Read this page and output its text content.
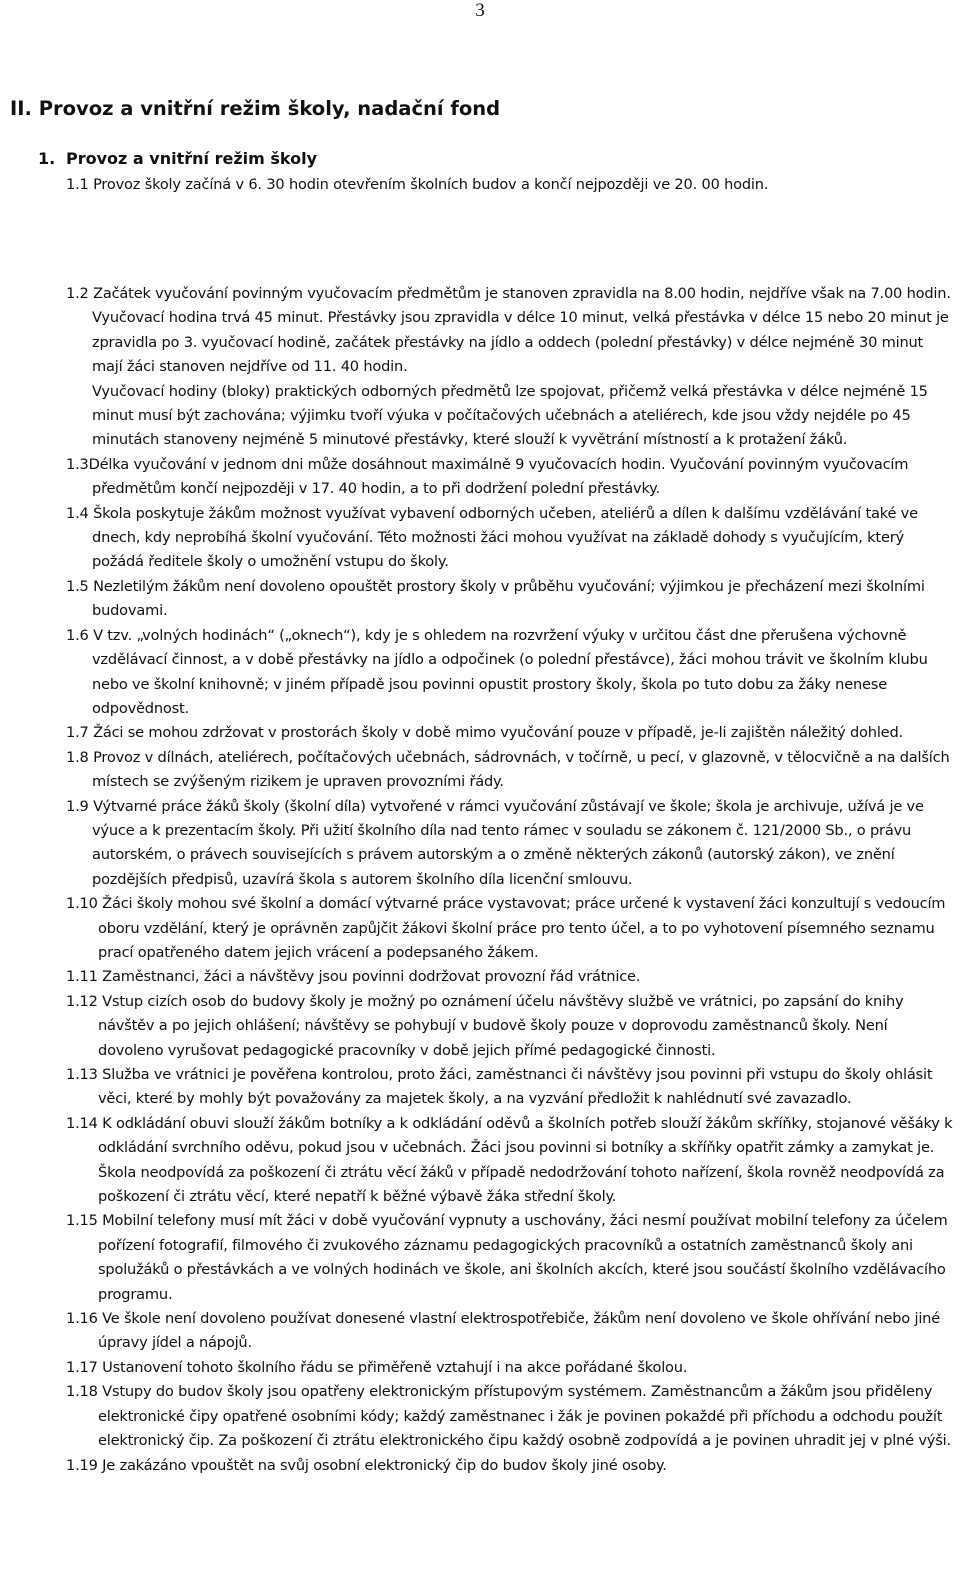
3
II. Provoz a vnitřní režim školy, nadační fond
1. Provoz a vnitřní režim školy
1.1 Provoz školy začíná v 6. 30 hodin otevřením školních budov a končí nejpozději ve 20. 00 hodin.

1.2 Začátek vyučování povinným vyučovacím předmětům je stanoven zpravidla na 8.00 hodin, nejdříve však na 7.00 hodin. Vyučovací hodina trvá 45 minut. Přestávky jsou zpravidla v délce 10 minut, velká přestávka v délce 15 nebo 20 minut je zpravidla po 3. vyučovací hodině, začátek přestávky na jídlo a oddech (polední přestávky) v délce nejméně 30 minut mají žáci stanoven nejdříve od 11. 40 hodin.

Vyučovací hodiny (bloky) praktických odborných předmětů lze spojovat, přičemž velká přestávka v délce nejméně 15 minut musí být zachována; výjimku tvoří výuka v počítačových učebnách a ateliérech, kde jsou vždy nejdéle po 45 minutách stanoveny nejméně 5 minutové přestávky, které slouží k vyvětrání místností a k protažení žáků.

1.3Délka vyučování v jednom dni může dosáhnout maximálně 9 vyučovacích hodin. Vyučování povinným vyučovacím předmětům končí nejpozději v 17. 40 hodin, a to při dodržení polední přestávky.

1.4 Škola poskytuje žákům možnost využívat vybavení odborných učeben, ateliérů a dílen k dalšímu vzdělávání také ve dnech, kdy neprobíhá školní vyučování. Této možnosti žáci mohou využívat na základě dohody s vyučujícím, který požádá ředitele školy o umožnění vstupu do školy.

1.5 Nezletilým žákům není dovoleno opouštět prostory školy v průběhu vyučování; výjimkou je přecházení mezi školními budovami.

1.6 V tzv. „volných hodinách“ („oknech“), kdy je s ohledem na rozvržení výuky v určitou část dne přerušena výchovně vzdělávací činnost, a v době přestávky na jídlo a odpočinek (o polední přestávce), žáci mohou trávit ve školním klubu nebo ve školní knihovně; v jiném případě jsou povinni opustit prostory školy, škola po tuto dobu za žáky nenese odpovědnost.

1.7 Žáci se mohou zdržovat v prostorách školy v době mimo vyučování pouze v případě, je-li zajištěn náležitý dohled.

1.8 Provoz v dílnách, ateliérech, počítačových učebnách, sádrovnách, v točírně, u pecí, v glazovně, v tělocvičně a na dalších místech se zvýšeným rizikem je upraven provozními řády.

1.9 Výtvarné práce žáků školy (školní díla) vytvořené v rámci vyučování zůstávají ve škole; škola je archivuje, užívá je ve výuce a k prezentacím školy. Při užití školního díla nad tento rámec v souladu se zákonem č. 121/2000 Sb., o právu autorském, o právech souvisejících s právem autorským a o změně některých zákonů (autorský zákon), ve znění pozdějších předpisů, uzavírá škola s autorem školního díla licenční smlouvu.

1.10 Žáci školy mohou své školní a domácí výtvarné práce vystavovat; práce určené k vystavení žáci konzultují s vedoucím oboru vzdělání, který je oprávněn zapůjčit žákovi školní práce pro tento účel, a to po vyhotovení písemného seznamu prací opatřeného datem jejich vrácení a podepsaného žákem.

1.11 Zaměstnanci, žáci a návštěvy jsou povinni dodržovat provozní řád vrátnice.

1.12 Vstup cizích osob do budovy školy je možný po oznámení účelu návštěvy službě ve vrátnici, po zapsání do knihy návštěv a po jejich ohlášení; návštěvy se pohybují v budově školy pouze v doprovodu zaměstnanců školy. Není dovoleno vyrušovat pedagogické pracovníky v době jejich přímé pedagogické činnosti.

1.13 Služba ve vrátnici je pověřena kontrolou, proto žáci, zaměstnanci či návštěvy jsou povinni při vstupu do školy ohlásit věci, které by mohly být považovány za majetek školy, a na vyzvání předložit k nahlédnutí své zavazadlo.

1.14 K odkládání obuvi slouží žákům botníky a k odkládání oděvů a školních potřeb slouží žákům skříňky, stojanové věšáky k odkládání svrchního oděvu, pokud jsou v učebnách. Žáci jsou povinni si botníky a skříňky opatřit zámky a zamykat je. Škola neodpovídá za poškození či ztrátu věcí žáků v případě nedodržování tohoto nařízení, škola rovněž neodpovídá za poškození či ztrátu věcí, které nepatří k běžné výbavě žáka střední školy.

1.15 Mobilní telefony musí mít žáci v době vyučování vypnuty a uschovány, žáci nesmí používat mobilní telefony za účelem pořízení fotografií, filmového či zvukového záznamu pedagogických pracovníků a ostatních zaměstnanců školy ani spolužáků o přestávkách a ve volných hodinách ve škole, ani školních akcích, které jsou součástí školního vzdělávacího programu.

1.16 Ve škole není dovoleno používat donesené vlastní elektrospotřebiče, žákům není dovoleno ve škole ohřívání nebo jiné úpravy jídel a nápojů.

1.17 Ustanovení tohoto školního řádu se přiměřeně vztahují i na akce pořádané školou.

1.18 Vstupy do budov školy jsou opatřeny elektronickým přístupovým systémem. Zaměstnancům a žákům jsou přiděleny elektronické čipy opatřené osobními kódy; každý zaměstnanec i žák je povinen pokaždé při příchodu a odchodu použít elektronický čip. Za poškození či ztrátu elektronického čipu každý osobně zodpovídá a je povinen uhradit jej v plné výši.

1.19 Je zakázáno vpouštět na svůj osobní elektronický čip do budov školy jiné osoby.
